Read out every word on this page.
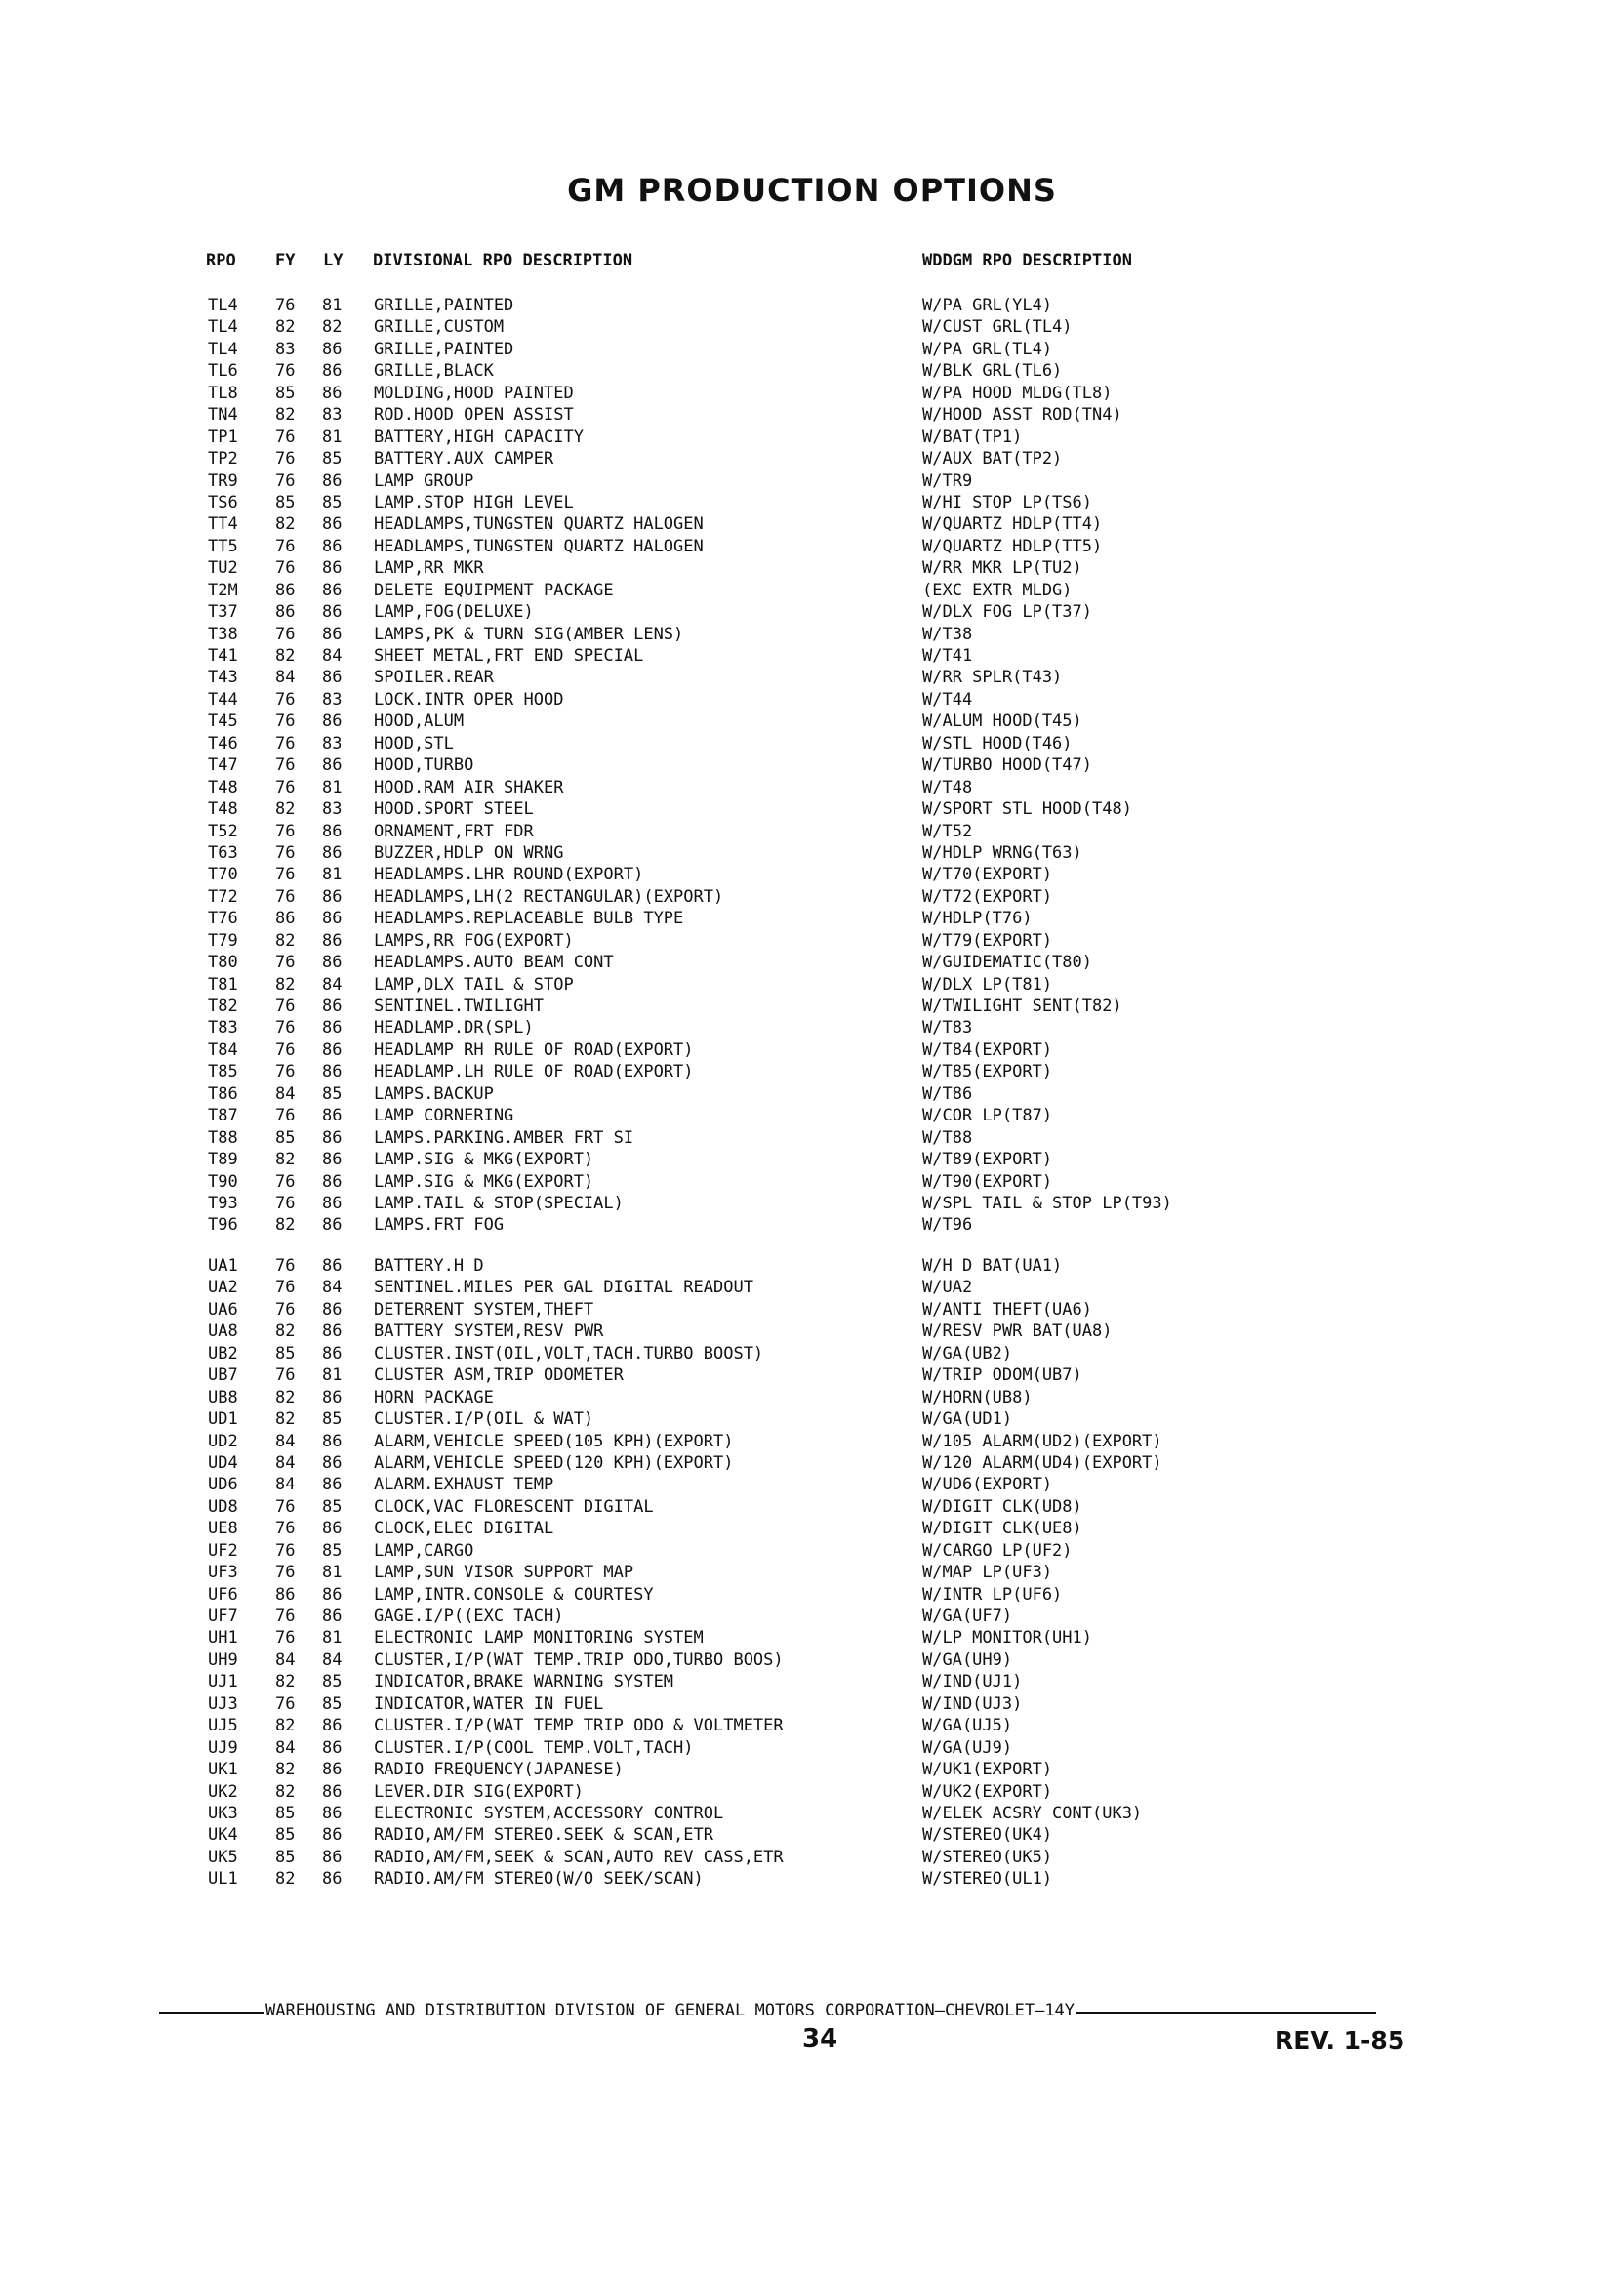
GM PRODUCTION OPTIONS
RPO FY LY DIVISIONAL RPO DESCRIPTION	WDDGM RPO DESCRIPTION
TL4 76 81 GRILLE,PAINTED	W/PA GRL(YL4)
TL4 82 82 GRILLE,CUSTOM	W/CUST GRL(TL4)
TL4 83 86 GRILLE,PAINTED	W/PA GRL(TL4)
TL6 76 86 GRILLE,BLACK	W/BLK GRL(TL6)
TL8 85 86 MOLDING,HOOD PAINTED	W/PA HOOD MLDG(TL8)
TN4 82 83 ROD.HOOD OPEN ASSIST	W/HOOD ASST ROD(TN4)
TP1 76 81 BATTERY,HIGH CAPACITY	W/BAT(TP1)
TP2 76 85 BATTERY.AUX CAMPER	W/AUX BAT(TP2)
TR9 76 86 LAMP GROUP	W/TR9
TS6 85 85 LAMP.STOP HIGH LEVEL	W/HI STOP LP(TS6)
TT4 82 86 HEADLAMPS,TUNGSTEN QUARTZ HALOGEN	W/QUARTZ HDLP(TT4)
TT5 76 86 HEADLAMPS,TUNGSTEN QUARTZ HALOGEN	W/QUARTZ HDLP(TT5)
TU2 76 86 LAMP,RR MKR	W/RR MKR LP(TU2)
T2M 86 86 DELETE EQUIPMENT PACKAGE	(EXC EXTR MLDG)
T37 86 86 LAMP,FOG(DELUXE)	W/DLX FOG LP(T37)
T38 76 86 LAMPS,PK & TURN SIG(AMBER LENS)	W/T38
T41 82 84 SHEET METAL,FRT END SPECIAL	W/T41
T43 84 86 SPOILER.REAR	W/RR SPLR(T43)
T44 76 83 LOCK.INTR OPER HOOD	W/T44
T45 76 86 HOOD,ALUM	W/ALUM HOOD(T45)
T46 76 83 HOOD,STL	W/STL HOOD(T46)
T47 76 86 HOOD,TURBO	W/TURBO HOOD(T47)
T48 76 81 HOOD.RAM AIR SHAKER	W/T48
T48 82 83 HOOD.SPORT STEEL	W/SPORT STL HOOD(T48)
T52 76 86 ORNAMENT,FRT FDR	W/T52
T63 76 86 BUZZER,HDLP ON WRNG	W/HDLP WRNG(T63)
T70 76 81 HEADLAMPS.LHR ROUND(EXPORT)	W/T70(EXPORT)
T72 76 86 HEADLAMPS,LH(2 RECTANGULAR)(EXPORT)	W/T72(EXPORT)
T76 86 86 HEADLAMPS.REPLACEABLE BULB TYPE	W/HDLP(T76)
T79 82 86 LAMPS,RR FOG(EXPORT)	W/T79(EXPORT)
T80 76 86 HEADLAMPS.AUTO BEAM CONT	W/GUIDEMATIC(T80)
T81 82 84 LAMP,DLX TAIL & STOP	W/DLX LP(T81)
T82 76 86 SENTINEL.TWILIGHT	W/TWILIGHT SENT(T82)
T83 76 86 HEADLAMP.DR(SPL)	W/T83
T84 76 86 HEADLAMP RH RULE OF ROAD(EXPORT)	W/T84(EXPORT)
T85 76 86 HEADLAMP.LH RULE OF ROAD(EXPORT)	W/T85(EXPORT)
T86 84 85 LAMPS.BACKUP	W/T86
T87 76 86 LAMP CORNERING	W/COR LP(T87)
T88 85 86 LAMPS.PARKING.AMBER FRT SI	W/T88
T89 82 86 LAMP.SIG & MKG(EXPORT)	W/T89(EXPORT)
T90 76 86 LAMP.SIG & MKG(EXPORT)	W/T90(EXPORT)
T93 76 86 LAMP.TAIL & STOP(SPECIAL)	W/SPL TAIL & STOP LP(T93)
T96 82 86 LAMPS.FRT FOG	W/T96
UA1 76 86 BATTERY.H D	W/H D BAT(UA1)
UA2 76 84 SENTINEL.MILES PER GAL DIGITAL READOUT	W/UA2
UA6 76 86 DETERRENT SYSTEM,THEFT	W/ANTI THEFT(UA6)
UA8 82 86 BATTERY SYSTEM,RESV PWR	W/RESV PWR BAT(UA8)
UB2 85 86 CLUSTER.INST(OIL,VOLT,TACH.TURBO BOOST)	W/GA(UB2)
UB7 76 81 CLUSTER ASM,TRIP ODOMETER	W/TRIP ODOM(UB7)
UB8 82 86 HORN PACKAGE	W/HORN(UB8)
UD1 82 85 CLUSTER.I/P(OIL & WAT)	W/GA(UD1)
UD2 84 86 ALARM,VEHICLE SPEED(105 KPH)(EXPORT)	W/105 ALARM(UD2)(EXPORT)
UD4 84 86 ALARM,VEHICLE SPEED(120 KPH)(EXPORT)	W/120 ALARM(UD4)(EXPORT)
UD6 84 86 ALARM.EXHAUST TEMP	W/UD6(EXPORT)
UD8 76 85 CLOCK,VAC FLORESCENT DIGITAL	W/DIGIT CLK(UD8)
UE8 76 86 CLOCK,ELEC DIGITAL	W/DIGIT CLK(UE8)
UF2 76 85 LAMP,CARGO	W/CARGO LP(UF2)
UF3 76 81 LAMP,SUN VISOR SUPPORT MAP	W/MAP LP(UF3)
UF6 86 86 LAMP,INTR.CONSOLE & COURTESY	W/INTR LP(UF6)
UF7 76 86 GAGE.I/P((EXC TACH)	W/GA(UF7)
UH1 76 81 ELECTRONIC LAMP MONITORING SYSTEM	W/LP MONITOR(UH1)
UH9 84 84 CLUSTER,I/P(WAT TEMP.TRIP ODO,TURBO BOOS)	W/GA(UH9)
UJ1 82 85 INDICATOR,BRAKE WARNING SYSTEM	W/IND(UJ1)
UJ3 76 85 INDICATOR,WATER IN FUEL	W/IND(UJ3)
UJ5 82 86 CLUSTER.I/P(WAT TEMP TRIP ODO & VOLTMETER	W/GA(UJ5)
UJ9 84 86 CLUSTER.I/P(COOL TEMP.VOLT,TACH)	W/GA(UJ9)
UK1 82 86 RADIO FREQUENCY(JAPANESE)	W/UK1(EXPORT)
UK2 82 86 LEVER.DIR SIG(EXPORT)	W/UK2(EXPORT)
UK3 85 86 ELECTRONIC SYSTEM,ACCESSORY CONTROL	W/ELEK ACSRY CONT(UK3)
UK4 85 86 RADIO,AM/FM STEREO.SEEK & SCAN,ETR	W/STEREO(UK4)
UK5 85 86 RADIO,AM/FM,SEEK & SCAN,AUTO REV CASS,ETR	W/STEREO(UK5)
UL1 82 86 RADIO.AM/FM STEREO(W/O SEEK/SCAN)	W/STEREO(UL1)
WAREHOUSING AND DISTRIBUTION DIVISION OF GENERAL MOTORS CORPORATION—CHEVROLET—14Y
34	REV. 1-85
